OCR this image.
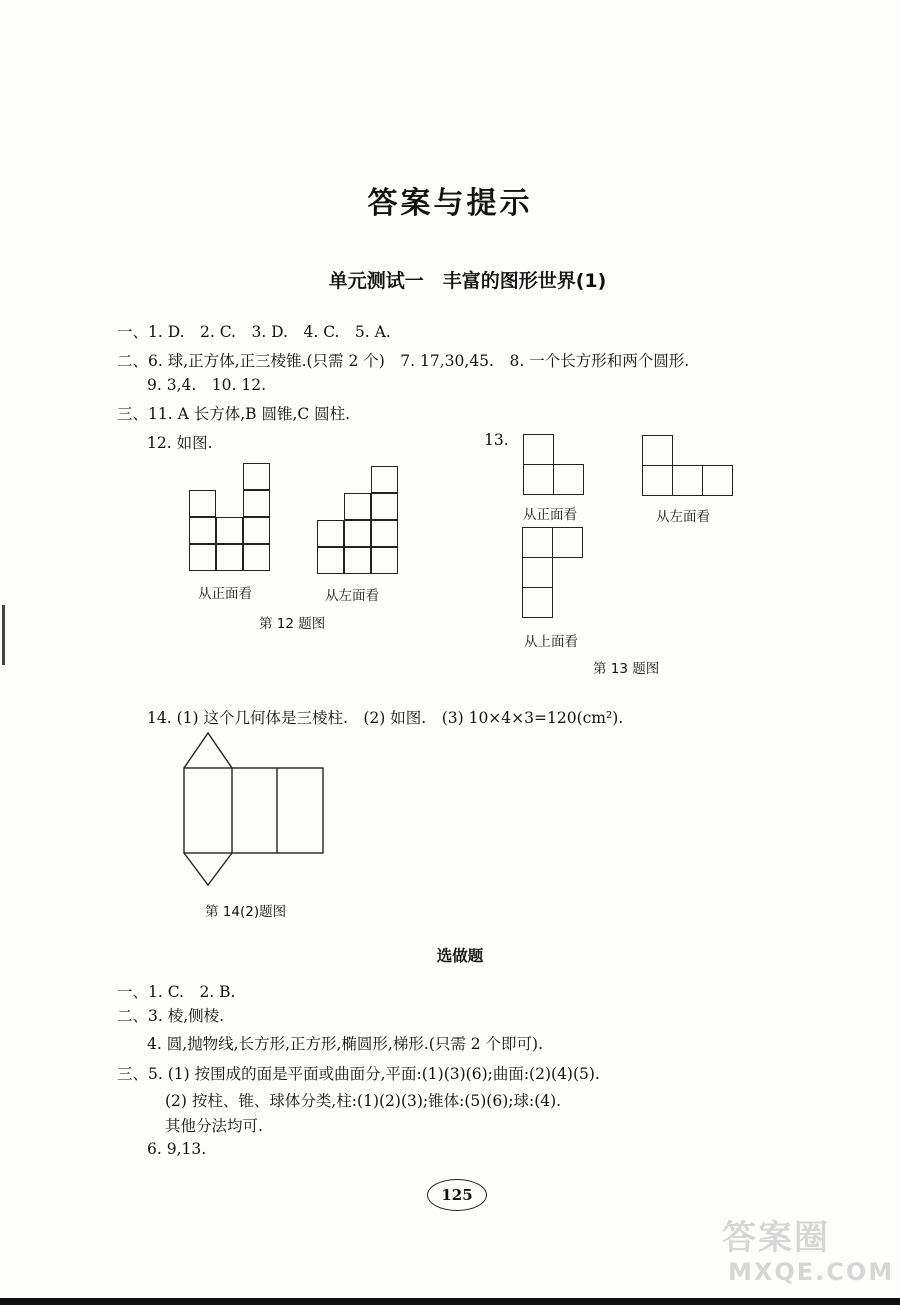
答案与提示
单元测试一　丰富的图形世界(1)
一、1. D.　2. C.　3. D.　4. C.　5. A.
二、6. 球,正方体,正三棱锥.(只需 2 个)　7. 17,30,45.　8. 一个长方形和两个圆形.
9. 3,4.　10. 12.
三、11. A 长方体,B 圆锥,C 圆柱.
12. 如图.	13.
从正面看	从左面看
第 12 题图
从正面看	从左面看
从上面看
第 13 题图
14. (1) 这个几何体是三棱柱.　(2) 如图.　(3) 10×4×3=120(cm²).
第 14(2)题图
选做题
一、1. C.　2. B.
二、3. 棱,侧棱.
4. 圆,抛物线,长方形,正方形,椭圆形,梯形.(只需 2 个即可).
三、5. (1) 按围成的面是平面或曲面分,平面:(1)(3)(6);曲面:(2)(4)(5).
(2) 按柱、锥、球体分类,柱:(1)(2)(3);锥体:(5)(6);球:(4).
其他分法均可.
6. 9,13.
125
答案圈
MXQE.COM
